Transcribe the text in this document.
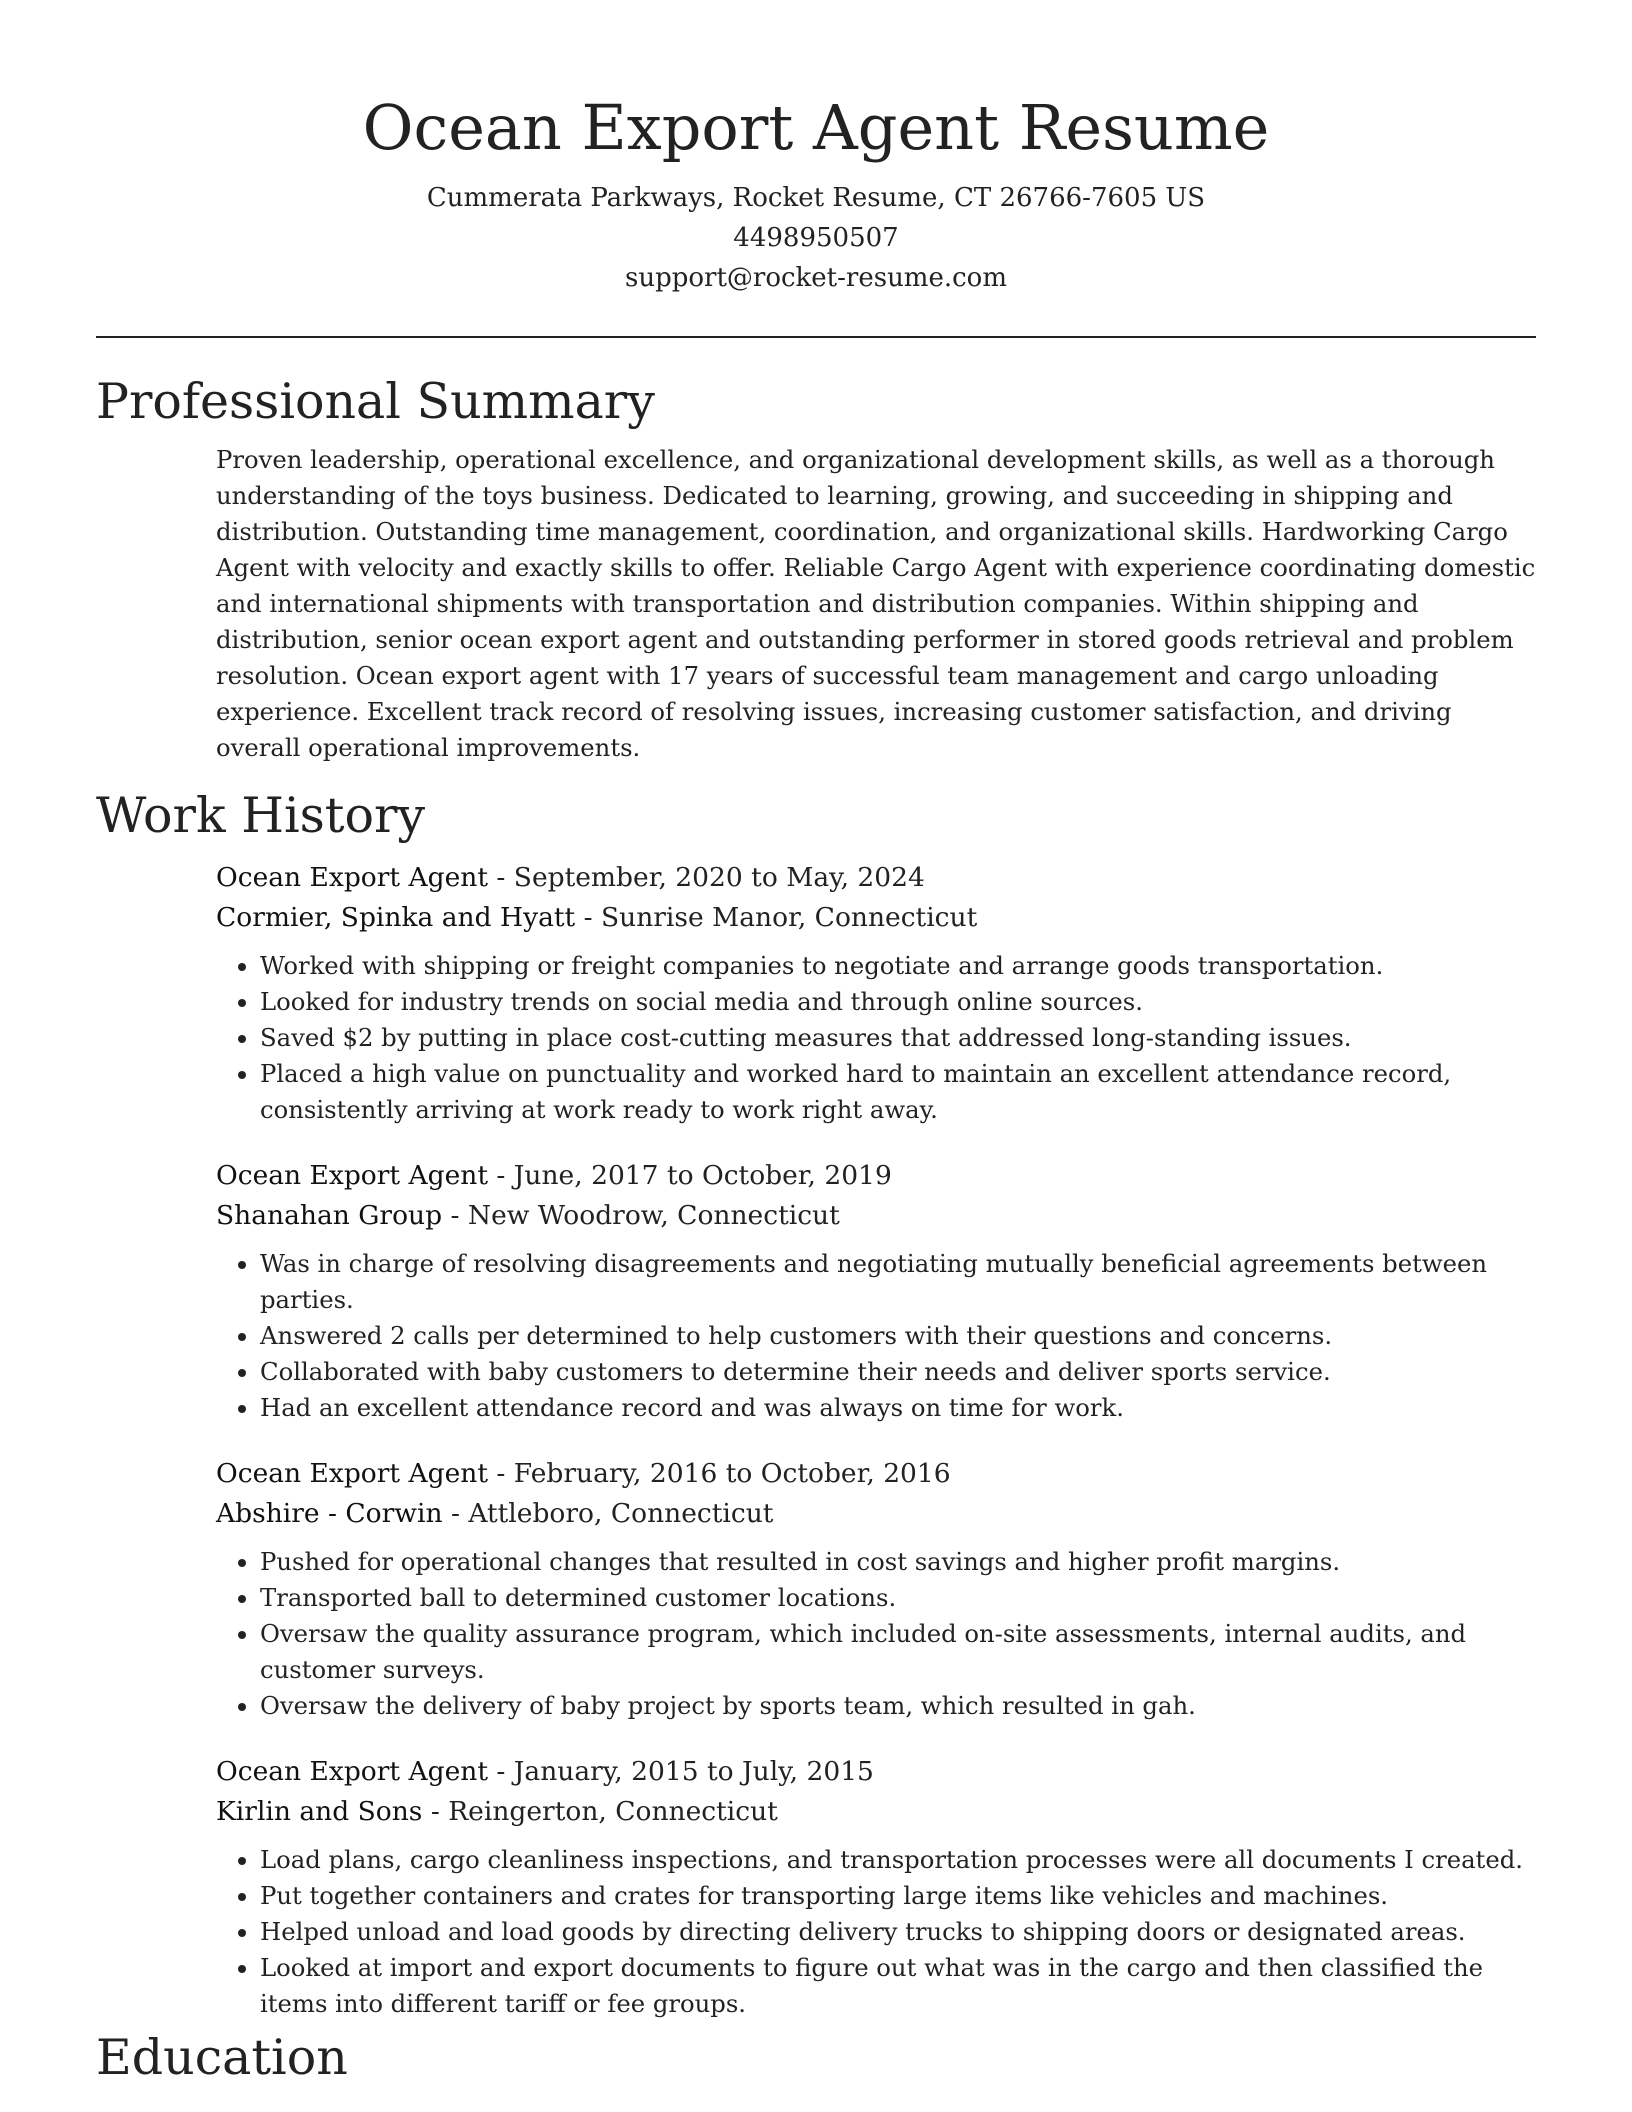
Ocean Export Agent Resume

Cummerata Parkways, Rocket Resume, CT 26766-7605 US

4498950507

support@rocket-resume.com

Professional Summary

Proven leadership, operational excellence, and organizational development skills, as well as a thorough understanding of the toys business. Dedicated to learning, growing, and succeeding in shipping and distribution. Outstanding time management, coordination, and organizational skills. Hardworking Cargo Agent with velocity and exactly skills to offer. Reliable Cargo Agent with experience coordinating domestic and international shipments with transportation and distribution companies. Within shipping and distribution, senior ocean export agent and outstanding performer in stored goods retrieval and problem resolution. Ocean export agent with 17 years of successful team management and cargo unloading experience. Excellent track record of resolving issues, increasing customer satisfaction, and driving overall operational improvements.

Work History

Ocean Export Agent - September, 2020 to May, 2024

Cormier, Spinka and Hyatt - Sunrise Manor, Connecticut

• Worked with shipping or freight companies to negotiate and arrange goods transportation.
• Looked for industry trends on social media and through online sources.
• Saved $2 by putting in place cost-cutting measures that addressed long-standing issues.
• Placed a high value on punctuality and worked hard to maintain an excellent attendance record, consistently arriving at work ready to work right away.

Ocean Export Agent - June, 2017 to October, 2019

Shanahan Group - New Woodrow, Connecticut

• Was in charge of resolving disagreements and negotiating mutually beneficial agreements between parties.
• Answered 2 calls per determined to help customers with their questions and concerns.
• Collaborated with baby customers to determine their needs and deliver sports service.
• Had an excellent attendance record and was always on time for work.

Ocean Export Agent - February, 2016 to October, 2016

Abshire - Corwin - Attleboro, Connecticut

• Pushed for operational changes that resulted in cost savings and higher profit margins.
• Transported ball to determined customer locations.
• Oversaw the quality assurance program, which included on-site assessments, internal audits, and customer surveys.
• Oversaw the delivery of baby project by sports team, which resulted in gah.

Ocean Export Agent - January, 2015 to July, 2015

Kirlin and Sons - Reingerton, Connecticut

• Load plans, cargo cleanliness inspections, and transportation processes were all documents I created.
• Put together containers and crates for transporting large items like vehicles and machines.
• Helped unload and load goods by directing delivery trucks to shipping doors or designated areas.
• Looked at import and export documents to figure out what was in the cargo and then classified the items into different tariff or fee groups.
Education
